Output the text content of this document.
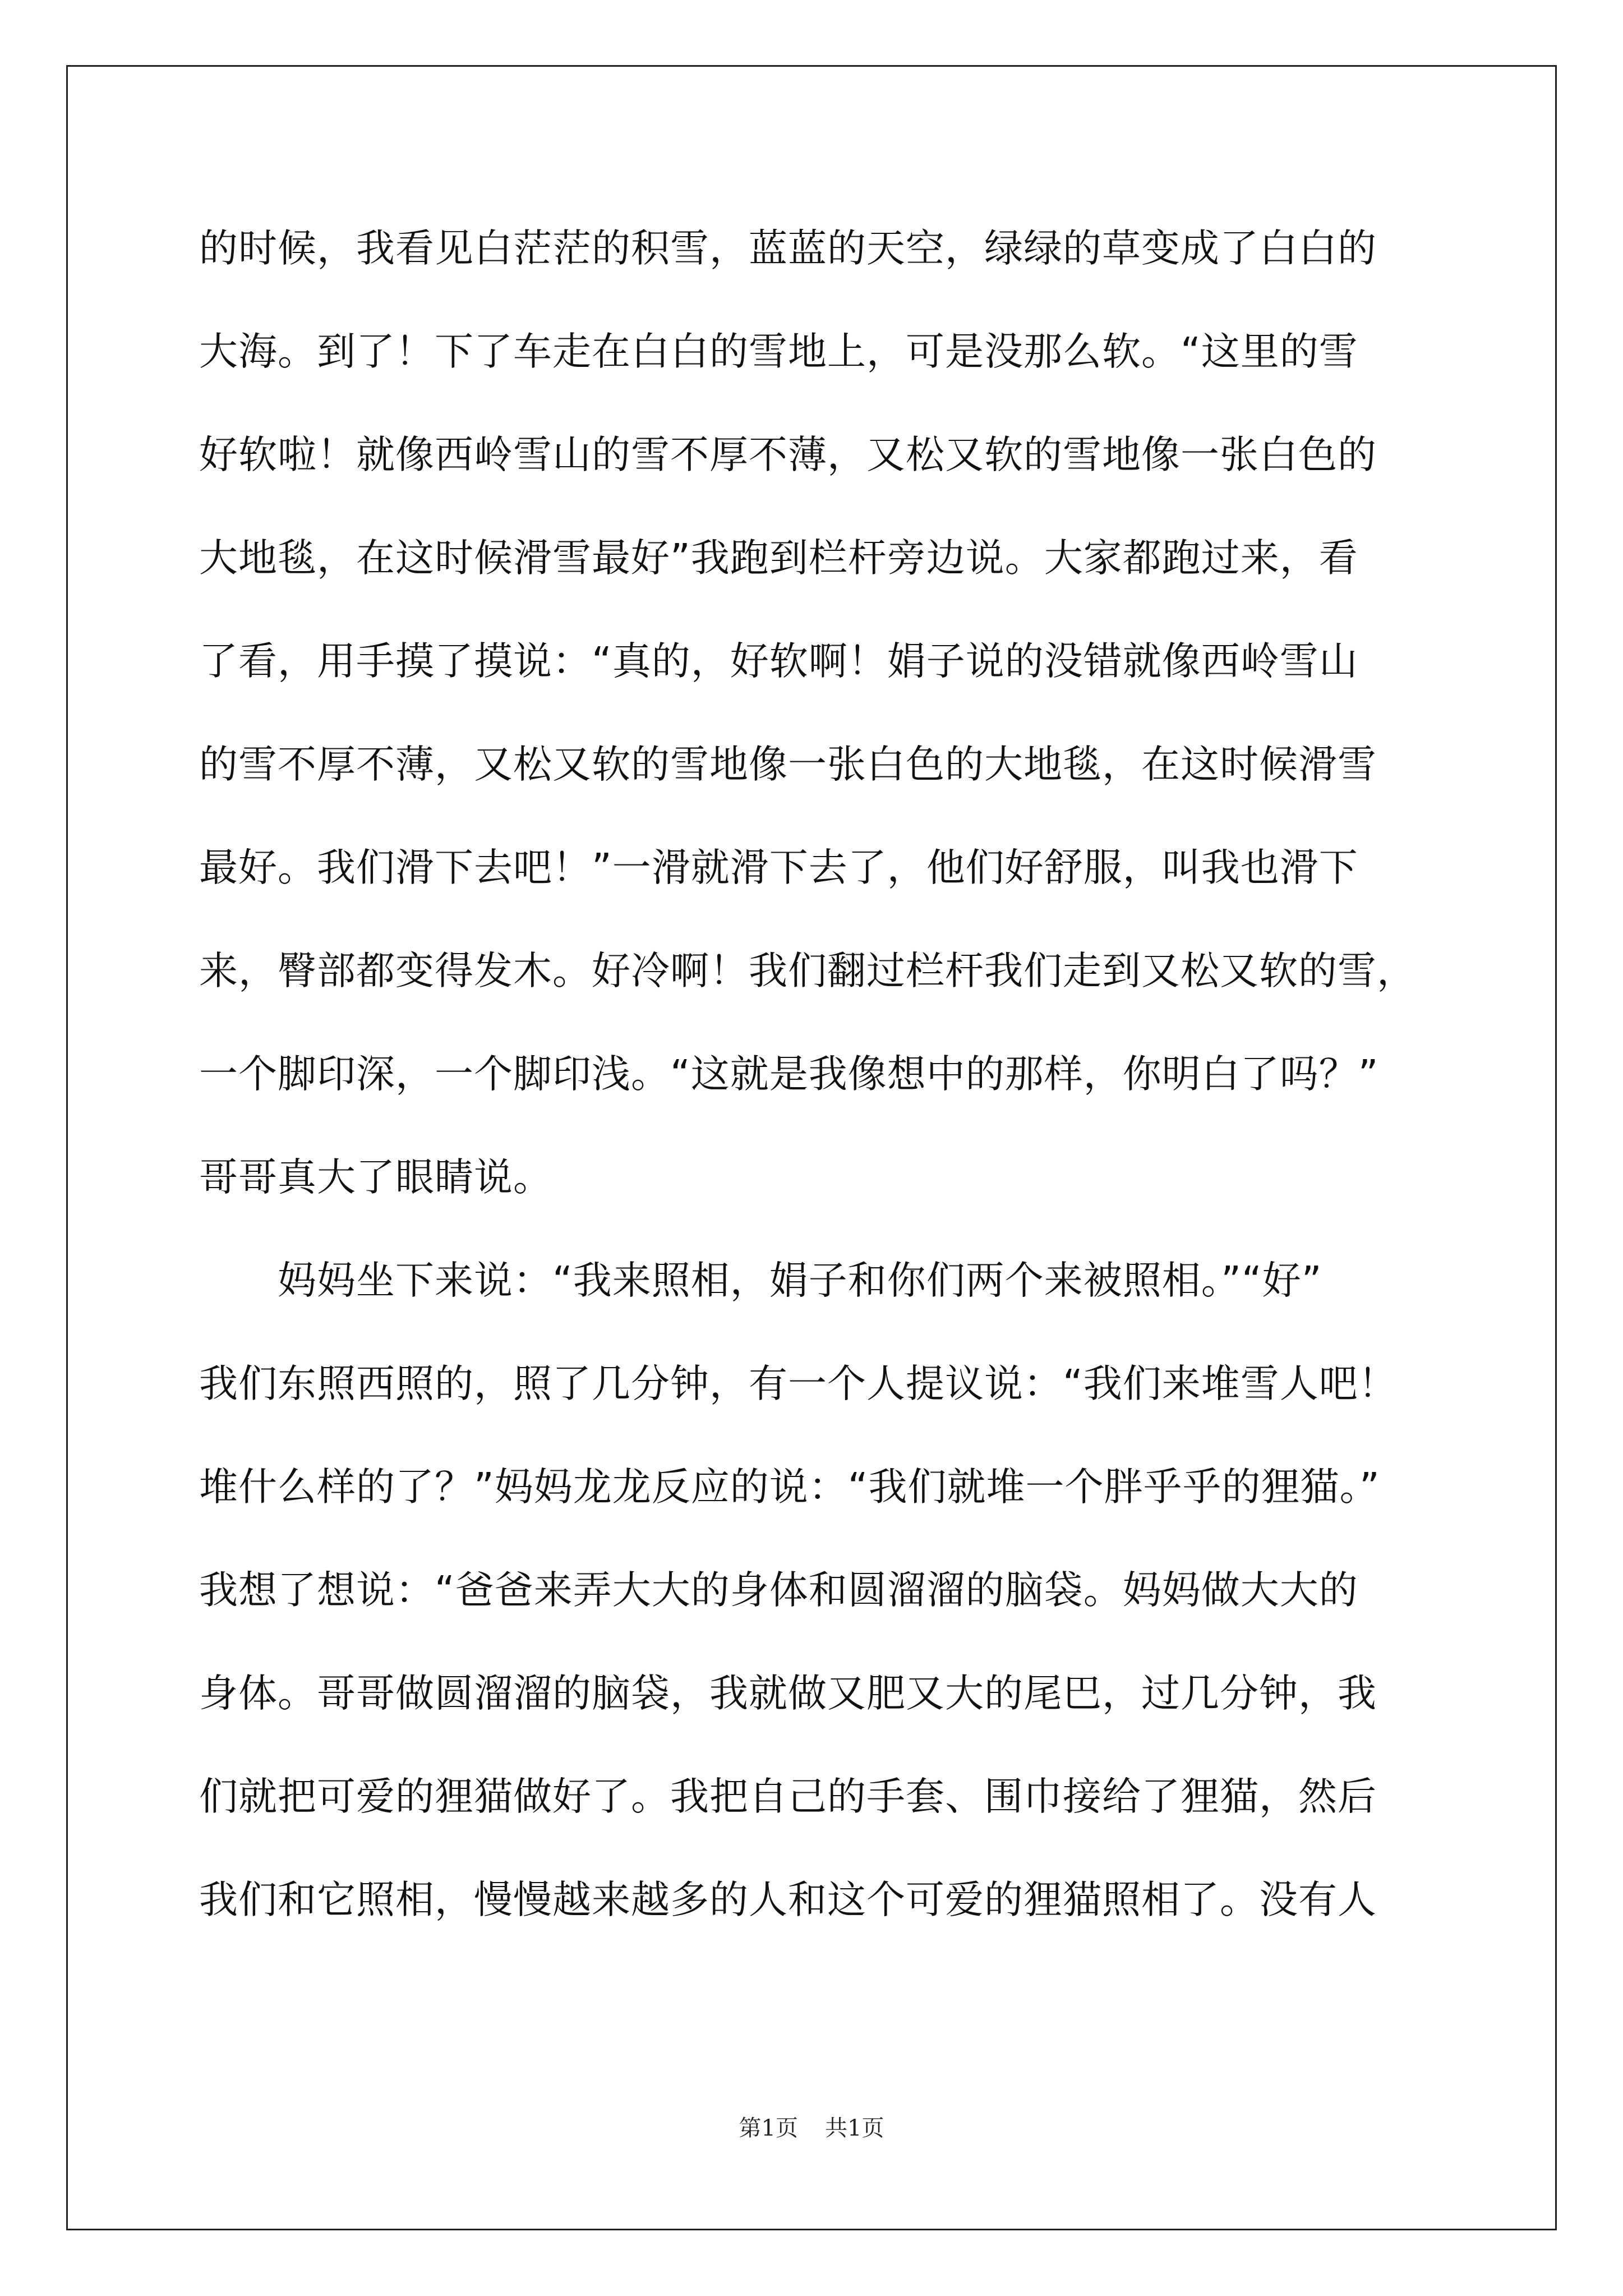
的时候，我看见白茫茫的积雪，蓝蓝的天空，绿绿的草变成了白白的
大海。到了！下了车走在白白的雪地上，可是没那么软。“这里的雪
好软啦！就像西岭雪山的雪不厚不薄，又松又软的雪地像一张白色的
大地毯，在这时候滑雪最好”我跑到栏杆旁边说。大家都跑过来，看
了看，用手摸了摸说：“真的，好软啊！娟子说的没错就像西岭雪山
的雪不厚不薄，又松又软的雪地像一张白色的大地毯，在这时候滑雪
最好。我们滑下去吧！”一滑就滑下去了，他们好舒服，叫我也滑下
来，臀部都变得发木。好冷啊！我们翻过栏杆我们走到又松又软的雪，
一个脚印深，一个脚印浅。“这就是我像想中的那样，你明白了吗？”
哥哥真大了眼睛说。
　　妈妈坐下来说：“我来照相，娟子和你们两个来被照相。”“好”
我们东照西照的，照了几分钟，有一个人提议说：“我们来堆雪人吧！
堆什么样的了？”妈妈龙龙反应的说：“我们就堆一个胖乎乎的狸猫。”
我想了想说：“爸爸来弄大大的身体和圆溜溜的脑袋。妈妈做大大的
身体。哥哥做圆溜溜的脑袋，我就做又肥又大的尾巴，过几分钟，我
们就把可爱的狸猫做好了。我把自己的手套、围巾接给了狸猫，然后
我们和它照相，慢慢越来越多的人和这个可爱的狸猫照相了。没有人
第1页 共1页
